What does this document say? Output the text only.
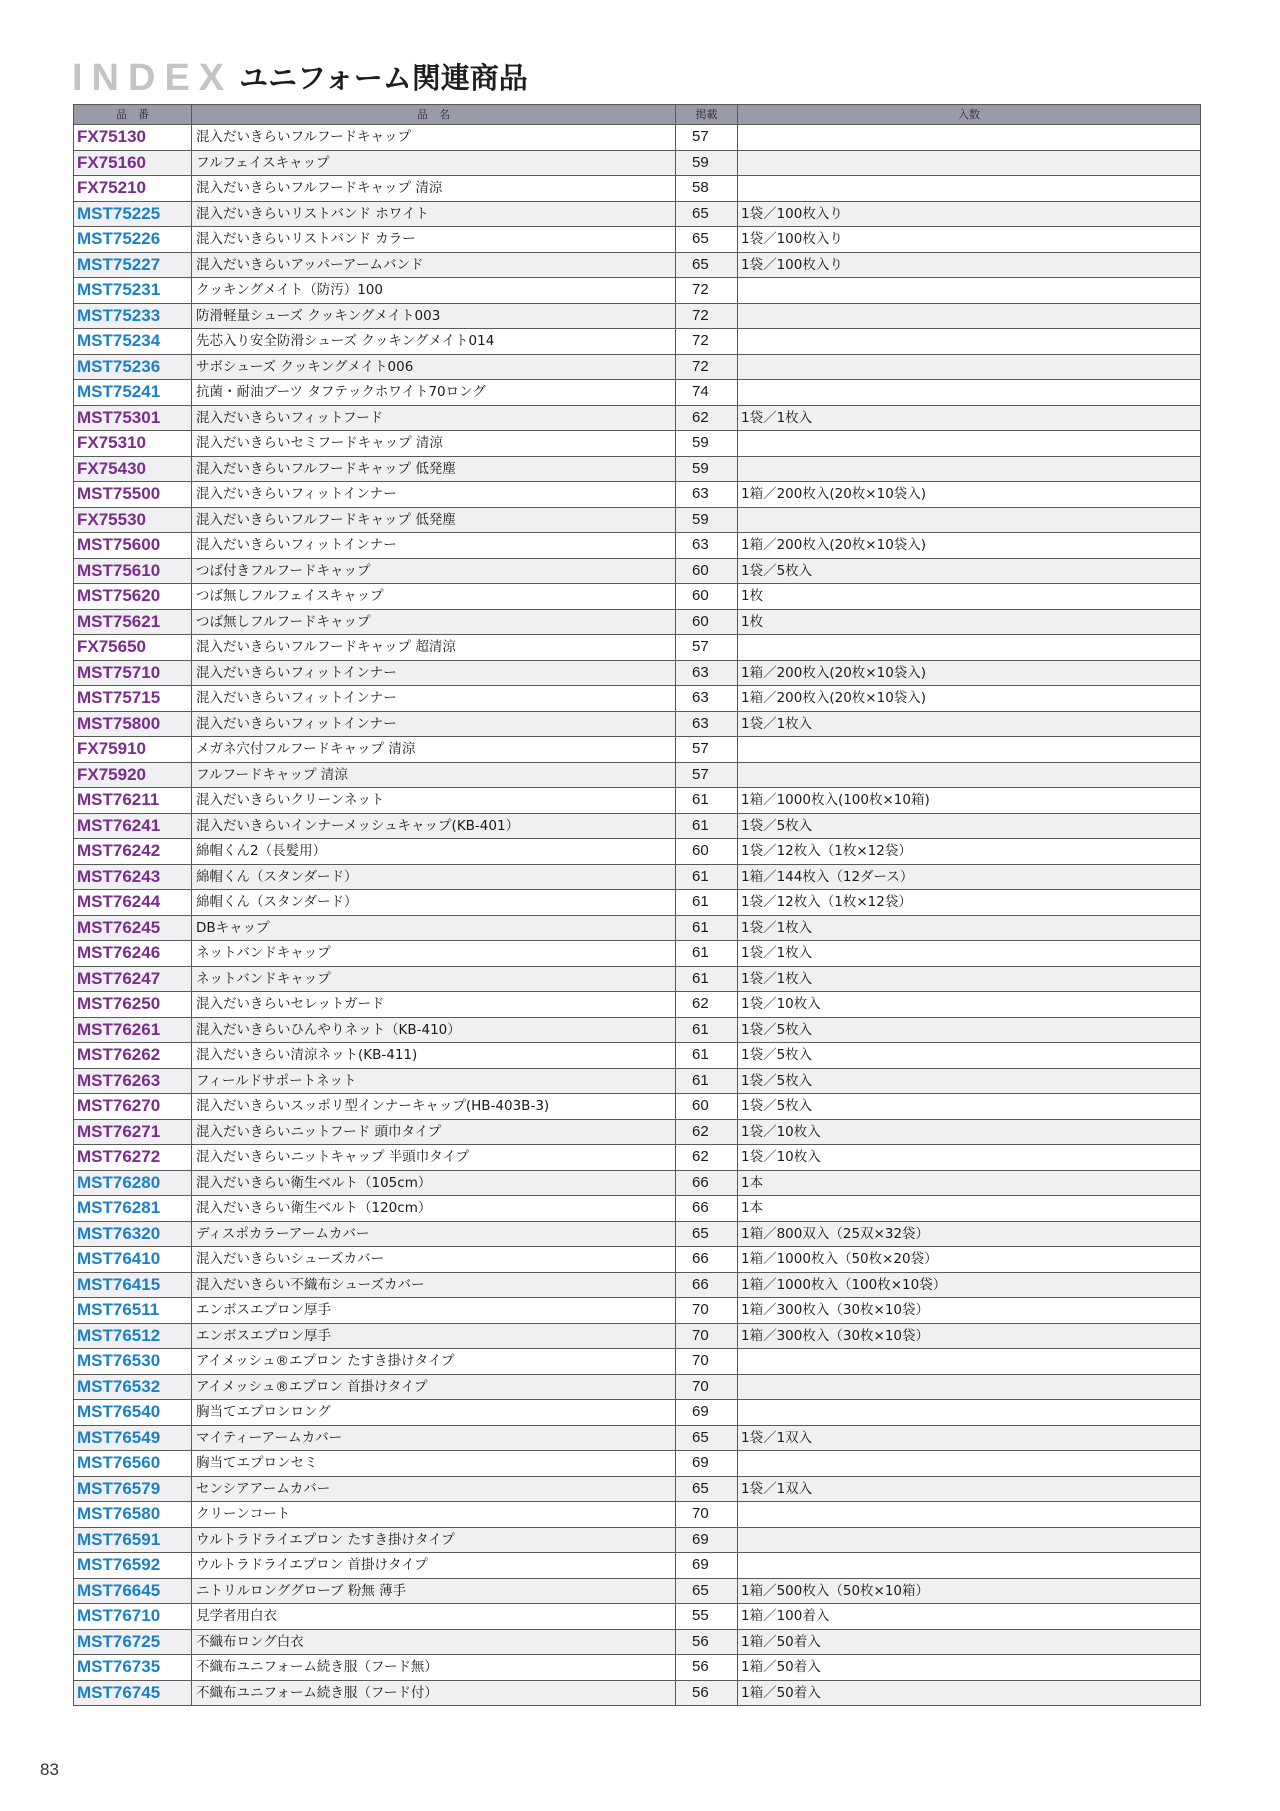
INDEX ユニフォーム関連商品
品　番	品　名	掲載	入数
FX75130	混入だいきらいフルフードキャップ	57	
FX75160	フルフェイスキャップ	59	
FX75210	混入だいきらいフルフードキャップ 清涼	58	
MST75225	混入だいきらいリストバンド ホワイト	65	1袋／100枚入り
MST75226	混入だいきらいリストバンド カラー	65	1袋／100枚入り
MST75227	混入だいきらいアッパーアームバンド	65	1袋／100枚入り
MST75231	クッキングメイト（防汚）100	72	
MST75233	防滑軽量シューズ クッキングメイト003	72	
MST75234	先芯入り安全防滑シューズ クッキングメイト014	72	
MST75236	サボシューズ クッキングメイト006	72	
MST75241	抗菌・耐油ブーツ タフテックホワイト70ロング	74	
MST75301	混入だいきらいフィットフード	62	1袋／1枚入
FX75310	混入だいきらいセミフードキャップ 清涼	59	
FX75430	混入だいきらいフルフードキャップ 低発塵	59	
MST75500	混入だいきらいフィットインナー	63	1箱／200枚入(20枚×10袋入)
FX75530	混入だいきらいフルフードキャップ 低発塵	59	
MST75600	混入だいきらいフィットインナー	63	1箱／200枚入(20枚×10袋入)
MST75610	つば付きフルフードキャップ	60	1袋／5枚入
MST75620	つば無しフルフェイスキャップ	60	1枚
MST75621	つば無しフルフードキャップ	60	1枚
FX75650	混入だいきらいフルフードキャップ 超清涼	57	
MST75710	混入だいきらいフィットインナー	63	1箱／200枚入(20枚×10袋入)
MST75715	混入だいきらいフィットインナー	63	1箱／200枚入(20枚×10袋入)
MST75800	混入だいきらいフィットインナー	63	1袋／1枚入
FX75910	メガネ穴付フルフードキャップ 清涼	57	
FX75920	フルフードキャップ 清涼	57	
MST76211	混入だいきらいクリーンネット	61	1箱／1000枚入(100枚×10箱)
MST76241	混入だいきらいインナーメッシュキャップ(KB-401）	61	1袋／5枚入
MST76242	綿帽くん2（長髪用）	60	1袋／12枚入（1枚×12袋）
MST76243	綿帽くん（スタンダード）	61	1箱／144枚入（12ダース）
MST76244	綿帽くん（スタンダード）	61	1袋／12枚入（1枚×12袋）
MST76245	DBキャップ	61	1袋／1枚入
MST76246	ネットバンドキャップ	61	1袋／1枚入
MST76247	ネットバンドキャップ	61	1袋／1枚入
MST76250	混入だいきらいセレットガード	62	1袋／10枚入
MST76261	混入だいきらいひんやりネット（KB-410）	61	1袋／5枚入
MST76262	混入だいきらい清涼ネット(KB-411)	61	1袋／5枚入
MST76263	フィールドサポートネット	61	1袋／5枚入
MST76270	混入だいきらいスッポリ型インナーキャップ(HB-403B-3)	60	1袋／5枚入
MST76271	混入だいきらいニットフード 頭巾タイプ	62	1袋／10枚入
MST76272	混入だいきらいニットキャップ 半頭巾タイプ	62	1袋／10枚入
MST76280	混入だいきらい衛生ベルト（105cm）	66	1本
MST76281	混入だいきらい衛生ベルト（120cm）	66	1本
MST76320	ディスポカラーアームカバー	65	1箱／800双入（25双×32袋）
MST76410	混入だいきらいシューズカバー	66	1箱／1000枚入（50枚×20袋）
MST76415	混入だいきらい不織布シューズカバー	66	1箱／1000枚入（100枚×10袋）
MST76511	エンボスエプロン厚手	70	1箱／300枚入（30枚×10袋）
MST76512	エンボスエプロン厚手	70	1箱／300枚入（30枚×10袋）
MST76530	アイメッシュ®エプロン たすき掛けタイプ	70	
MST76532	アイメッシュ®エプロン 首掛けタイプ	70	
MST76540	胸当てエプロンロング	69	
MST76549	マイティーアームカバー	65	1袋／1双入
MST76560	胸当てエプロンセミ	69	
MST76579	センシアアームカバー	65	1袋／1双入
MST76580	クリーンコート	70	
MST76591	ウルトラドライエプロン たすき掛けタイプ	69	
MST76592	ウルトラドライエプロン 首掛けタイプ	69	
MST76645	ニトリルロンググローブ 粉無 薄手	65	1箱／500枚入（50枚×10箱）
MST76710	見学者用白衣	55	1箱／100着入
MST76725	不織布ロング白衣	56	1箱／50着入
MST76735	不織布ユニフォーム続き服（フード無）	56	1箱／50着入
MST76745	不織布ユニフォーム続き服（フード付）	56	1箱／50着入
83
